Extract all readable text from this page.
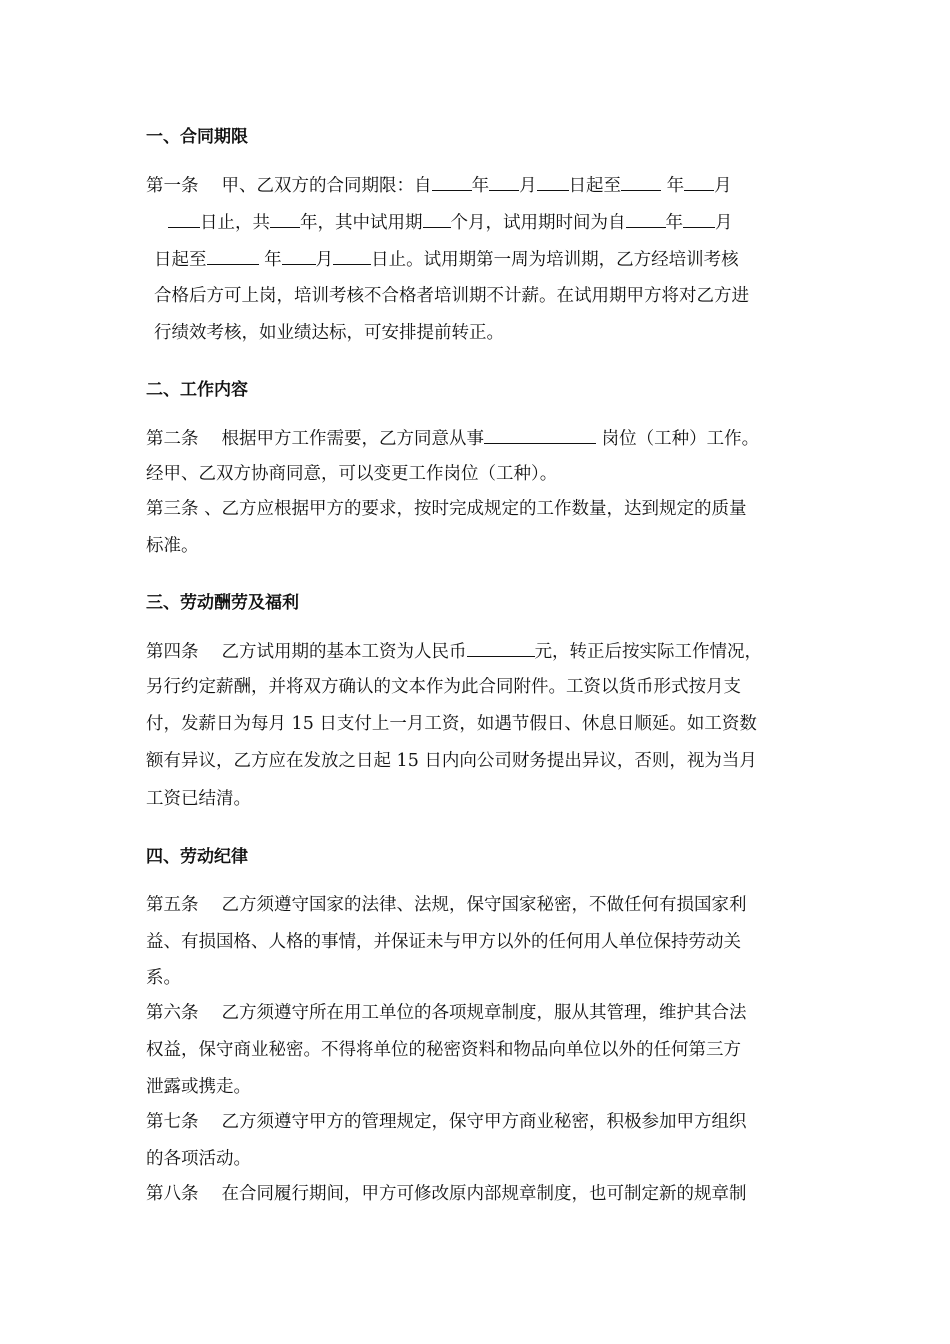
一、合同期限

第一条　 甲、乙双方的合同期限：自 年 月 日起至 年 月

日止，共 年，其中试用期 个月，试用期时间为自 年 月

日起至	年 月 日止。试用期第一周为培训期，乙方经培训考核

合格后方可上岗，培训考核不合格者培训期不计薪。在试用期甲方将对乙方进

行绩效考核，如业绩达标，可安排提前转正。

二、工作内容

第二条　 根据甲方工作需要，乙方同意从事	岗位（工种）工作。

经甲、乙双方协商同意，可以变更工作岗位（工种）。

第三条 、乙方应根据甲方的要求，按时完成规定的工作数量，达到规定的质量

标准。

三、劳动酬劳及福利

第四条　 乙方试用期的基本工资为人民币	元，转正后按实际工作情况，

另行约定薪酬，并将双方确认的文本作为此合同附件。工资以货币形式按月支

付，发薪日为每月 15 日支付上一月工资，如遇节假日、休息日顺延。如工资数

额有异议，乙方应在发放之日起 15 日内向公司财务提出异议，否则，视为当月

工资已结清。

四、劳动纪律

第五条　 乙方须遵守国家的法律、法规，保守国家秘密，不做任何有损国家利

益、有损国格、人格的事情，并保证未与甲方以外的任何用人单位保持劳动关

系。

第六条　 乙方须遵守所在用工单位的各项规章制度，服从其管理，维护其合法

权益，保守商业秘密。不得将单位的秘密资料和物品向单位以外的任何第三方

泄露或携走。

第七条　 乙方须遵守甲方的管理规定，保守甲方商业秘密，积极参加甲方组织

的各项活动。

第八条　 在合同履行期间，甲方可修改原内部规章制度，也可制定新的规章制
